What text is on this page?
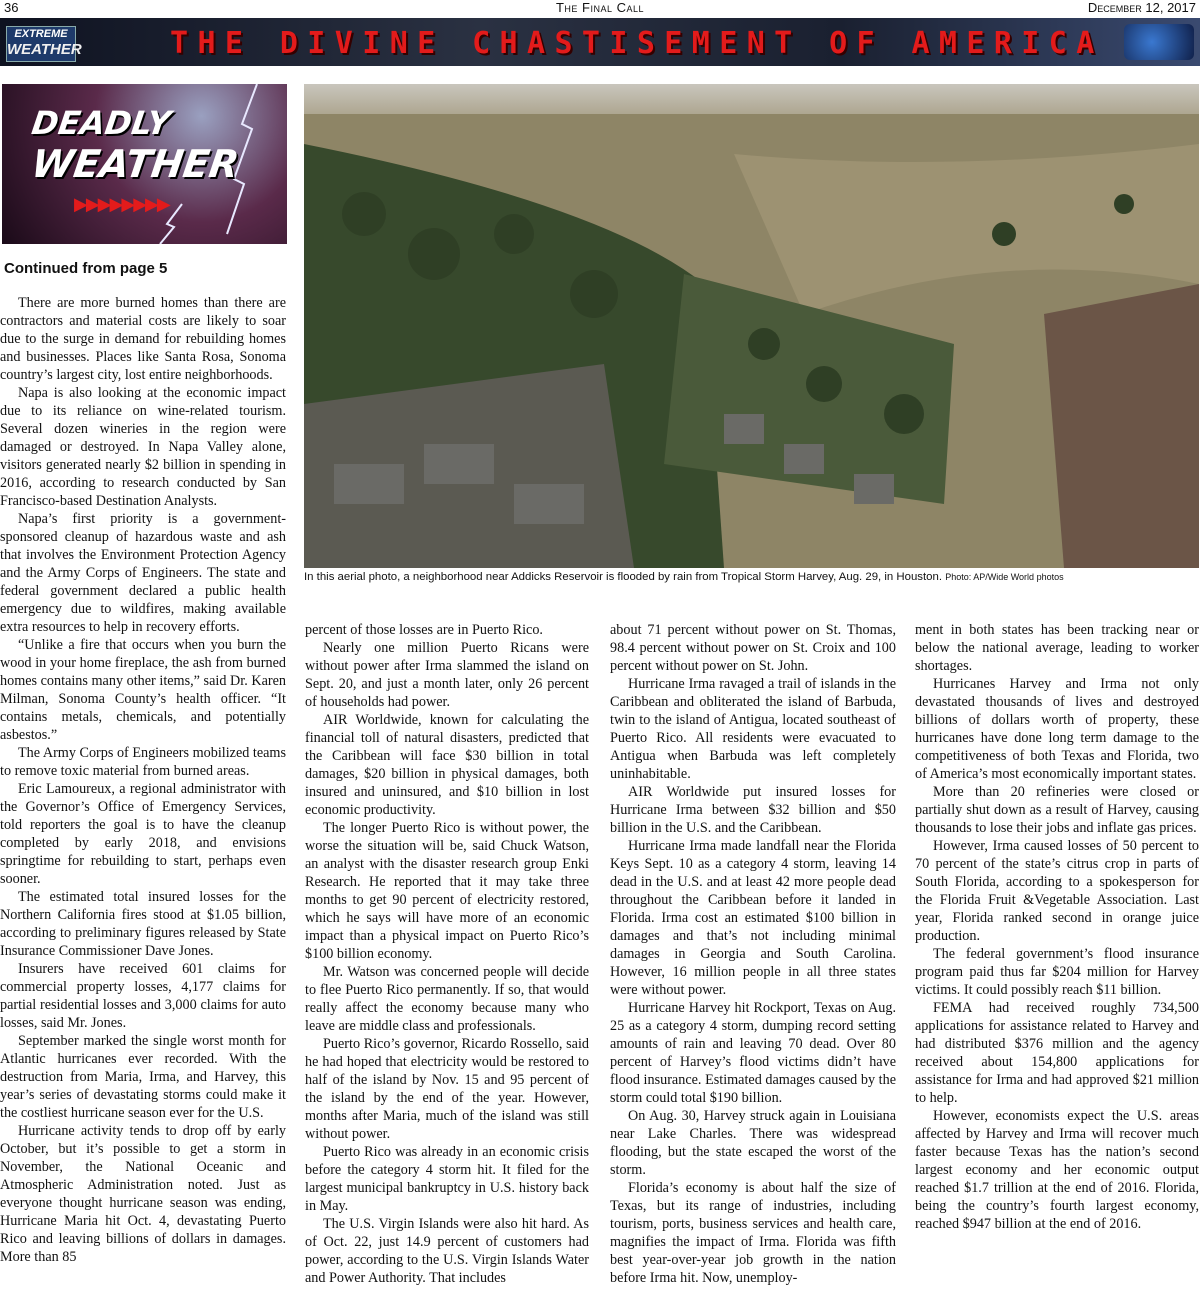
36	The Final Call	December 12, 2017
EXTREME
WEATHER	THE DIVINE CHASTISEMENT OF AMERICA
DEADLY
WEATHER
▶▶▶▶▶▶▶▶
Continued from page 5
In this aerial photo, a neighborhood near Addicks Reservoir is flooded by rain from Tropical Storm Harvey, Aug. 29, in Houston. Photo: AP/Wide World photos

There are more burned homes than there are contractors and material costs are likely to soar due to the surge in demand for rebuilding homes and businesses. Places like Santa Rosa, Sonoma country’s largest city, lost entire neighborhoods.

Napa is also looking at the economic impact due to its reliance on wine-related tourism. Several dozen wineries in the region were damaged or destroyed. In Napa Valley alone, visitors generated nearly $2 billion in spending in 2016, according to research conducted by San Francisco-based Destination Analysts.

Napa’s first priority is a government-sponsored cleanup of hazardous waste and ash that involves the Environment Protection Agency and the Army Corps of Engineers. The state and federal government declared a public health emergency due to wildfires, making available extra resources to help in recovery efforts.

“Unlike a fire that occurs when you burn the wood in your home fireplace, the ash from burned homes contains many other items,” said Dr. Karen Milman, Sonoma County’s health officer. “It contains metals, chemicals, and potentially asbestos.”

The Army Corps of Engineers mobilized teams to remove toxic material from burned areas.

Eric Lamoureux, a regional administrator with the Governor’s Office of Emergency Services, told reporters the goal is to have the cleanup completed by early 2018, and envisions springtime for rebuilding to start, perhaps even sooner.

The estimated total insured losses for the Northern California fires stood at $1.05 billion, according to preliminary figures released by State Insurance Commissioner Dave Jones.

Insurers have received 601 claims for commercial property losses, 4,177 claims for partial residential losses and 3,000 claims for auto losses, said Mr. Jones.

September marked the single worst month for Atlantic hurricanes ever recorded. With the destruction from Maria, Irma, and Harvey, this year’s series of devastating storms could make it the costliest hurricane season ever for the U.S.

Hurricane activity tends to drop off by early October, but it’s possible to get a storm in November, the National Oceanic and Atmospheric Administration noted. Just as everyone thought hurricane season was ending, Hurricane Maria hit Oct. 4, devastating Puerto Rico and leaving billions of dollars in damages. More than 85

percent of those losses are in Puerto Rico.

Nearly one million Puerto Ricans were without power after Irma slammed the island on Sept. 20, and just a month later, only 26 percent of households had power.

AIR Worldwide, known for calculating the financial toll of natural disasters, predicted that the Caribbean will face $30 billion in total damages, $20 billion in physical damages, both insured and uninsured, and $10 billion in lost economic productivity.

The longer Puerto Rico is without power, the worse the situation will be, said Chuck Watson, an analyst with the disaster research group Enki Research. He reported that it may take three months to get 90 percent of electricity restored, which he says will have more of an economic impact than a physical impact on Puerto Rico’s $100 billion economy.

Mr. Watson was concerned people will decide to flee Puerto Rico permanently. If so, that would really affect the economy because many who leave are middle class and professionals.

Puerto Rico’s governor, Ricardo Rossello, said he had hoped that electricity would be restored to half of the island by Nov. 15 and 95 percent of the island by the end of the year. However, months after Maria, much of the island was still without power.

Puerto Rico was already in an economic crisis before the category 4 storm hit. It filed for the largest municipal bankruptcy in U.S. history back in May.

The U.S. Virgin Islands were also hit hard. As of Oct. 22, just 14.9 percent of customers had power, according to the U.S. Virgin Islands Water and Power Authority. That includes

about 71 percent without power on St. Thomas, 98.4 percent without power on St. Croix and 100 percent without power on St. John.

Hurricane Irma ravaged a trail of islands in the Caribbean and obliterated the island of Barbuda, twin to the island of Antigua, located southeast of Puerto Rico. All residents were evacuated to Antigua when Barbuda was left completely uninhabitable.

AIR Worldwide put insured losses for Hurricane Irma between $32 billion and $50 billion in the U.S. and the Caribbean.

Hurricane Irma made landfall near the Florida Keys Sept. 10 as a category 4 storm, leaving 14 dead in the U.S. and at least 42 more people dead throughout the Caribbean before it landed in Florida. Irma cost an estimated $100 billion in damages and that’s not including minimal damages in Georgia and South Carolina. However, 16 million people in all three states were without power.

Hurricane Harvey hit Rockport, Texas on Aug. 25 as a category 4 storm, dumping record setting amounts of rain and leaving 70 dead. Over 80 percent of Harvey’s flood victims didn’t have flood insurance. Estimated damages caused by the storm could total $190 billion.

On Aug. 30, Harvey struck again in Louisiana near Lake Charles. There was widespread flooding, but the state escaped the worst of the storm.

Florida’s economy is about half the size of Texas, but its range of industries, including tourism, ports, business services and health care, magnifies the impact of Irma. Florida was fifth best year-over-year job growth in the nation before Irma hit. Now, unemploy-

ment in both states has been tracking near or below the national average, leading to worker shortages.

Hurricanes Harvey and Irma not only devastated thousands of lives and destroyed billions of dollars worth of property, these hurricanes have done long term damage to the competitiveness of both Texas and Florida, two of America’s most economically important states.

More than 20 refineries were closed or partially shut down as a result of Harvey, causing thousands to lose their jobs and inflate gas prices.

However, Irma caused losses of 50 percent to 70 percent of the state’s citrus crop in parts of South Florida, according to a spokesperson for the Florida Fruit &Vegetable Association. Last year, Florida ranked second in orange juice production.

The federal government’s flood insurance program paid thus far $204 million for Harvey victims. It could possibly reach $11 billion.

FEMA had received roughly 734,500 applications for assistance related to Harvey and had distributed $376 million and the agency received about 154,800 applications for assistance for Irma and had approved $21 million to help.

However, economists expect the U.S. areas affected by Harvey and Irma will recover much faster because Texas has the nation’s second largest economy and her economic output reached $1.7 trillion at the end of 2016. Florida, being the country’s fourth largest economy, reached $947 billion at the end of 2016.
